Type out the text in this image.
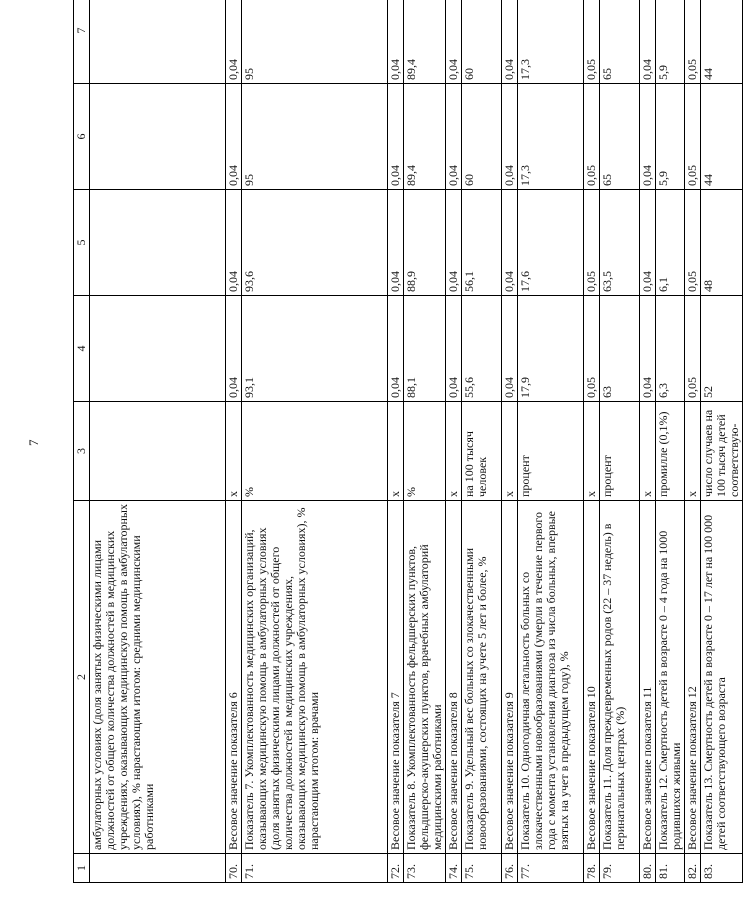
7
1	2	3	4	5	6	7
	амбулаторных условиях (доля занятых физическими лицами должностей от общего количества должностей в медицинских учреждениях, оказывающих медицинскую помощь в амбулаторных условиях), % нарастающим итогом: средними медицинскими работниками					
70.	Весовое значение показателя 6	x	0,04	0,04	0,04	0,04
71.	Показатель 7. Укомплектованность медицинских организаций, оказывающих медицинскую помощь в амбулаторных условиях (доля занятых физическими лицами должностей от общего количества должностей в медицинских учреждениях, оказывающих медицинскую помощь в амбулаторных условиях), % нарастающим итогом: врачами	%	93,1	93,6	95	95
72.	Весовое значение показателя 7	x	0,04	0,04	0,04	0,04
73.	Показатель 8. Укомплектованность фельдшерских пунктов, фельдшерско-акушерских пунктов, врачебных амбулаторий медицинскими работниками	%	88,1	88,9	89,4	89,4
74.	Весовое значение показателя 8	x	0,04	0,04	0,04	0,04
75.	Показатель 9. Удельный вес больных со злокачественными новообразованиями, состоящих на учете 5 лет и более, %	на 100 тысяч человек	55,6	56,1	60	60
76.	Весовое значение показателя 9	x	0,04	0,04	0,04	0,04
77.	Показатель 10. Одногодичная летальность больных со злокачественными новообразованиями (умерли в течение первого года с момента установления диагноза из числа больных, впервые взятых на учет в предыдущем году), %	процент	17,9	17,6	17,3	17,3
78.	Весовое значение показателя 10	x	0,05	0,05	0,05	0,05
79.	Показатель 11. Доля преждевременных родов (22 – 37 недель) в перинатальных центрах (%)	процент	63	63,5	65	65
80.	Весовое значение показателя 11	x	0,04	0,04	0,04	0,04
81.	Показатель 12. Смертность детей в возрасте 0 – 4 года на 1000 родившихся живыми	промилле (0,1%)	6,3	6,1	5,9	5,9
82.	Весовое значение показателя 12	x	0,05	0,05	0,05	0,05
83.	Показатель 13. Смертность детей в возрасте 0 – 17 лет на 100 000 детей соответствующего возраста	число случаев на 100 тысяч детей соответствую-	52	48	44	44
